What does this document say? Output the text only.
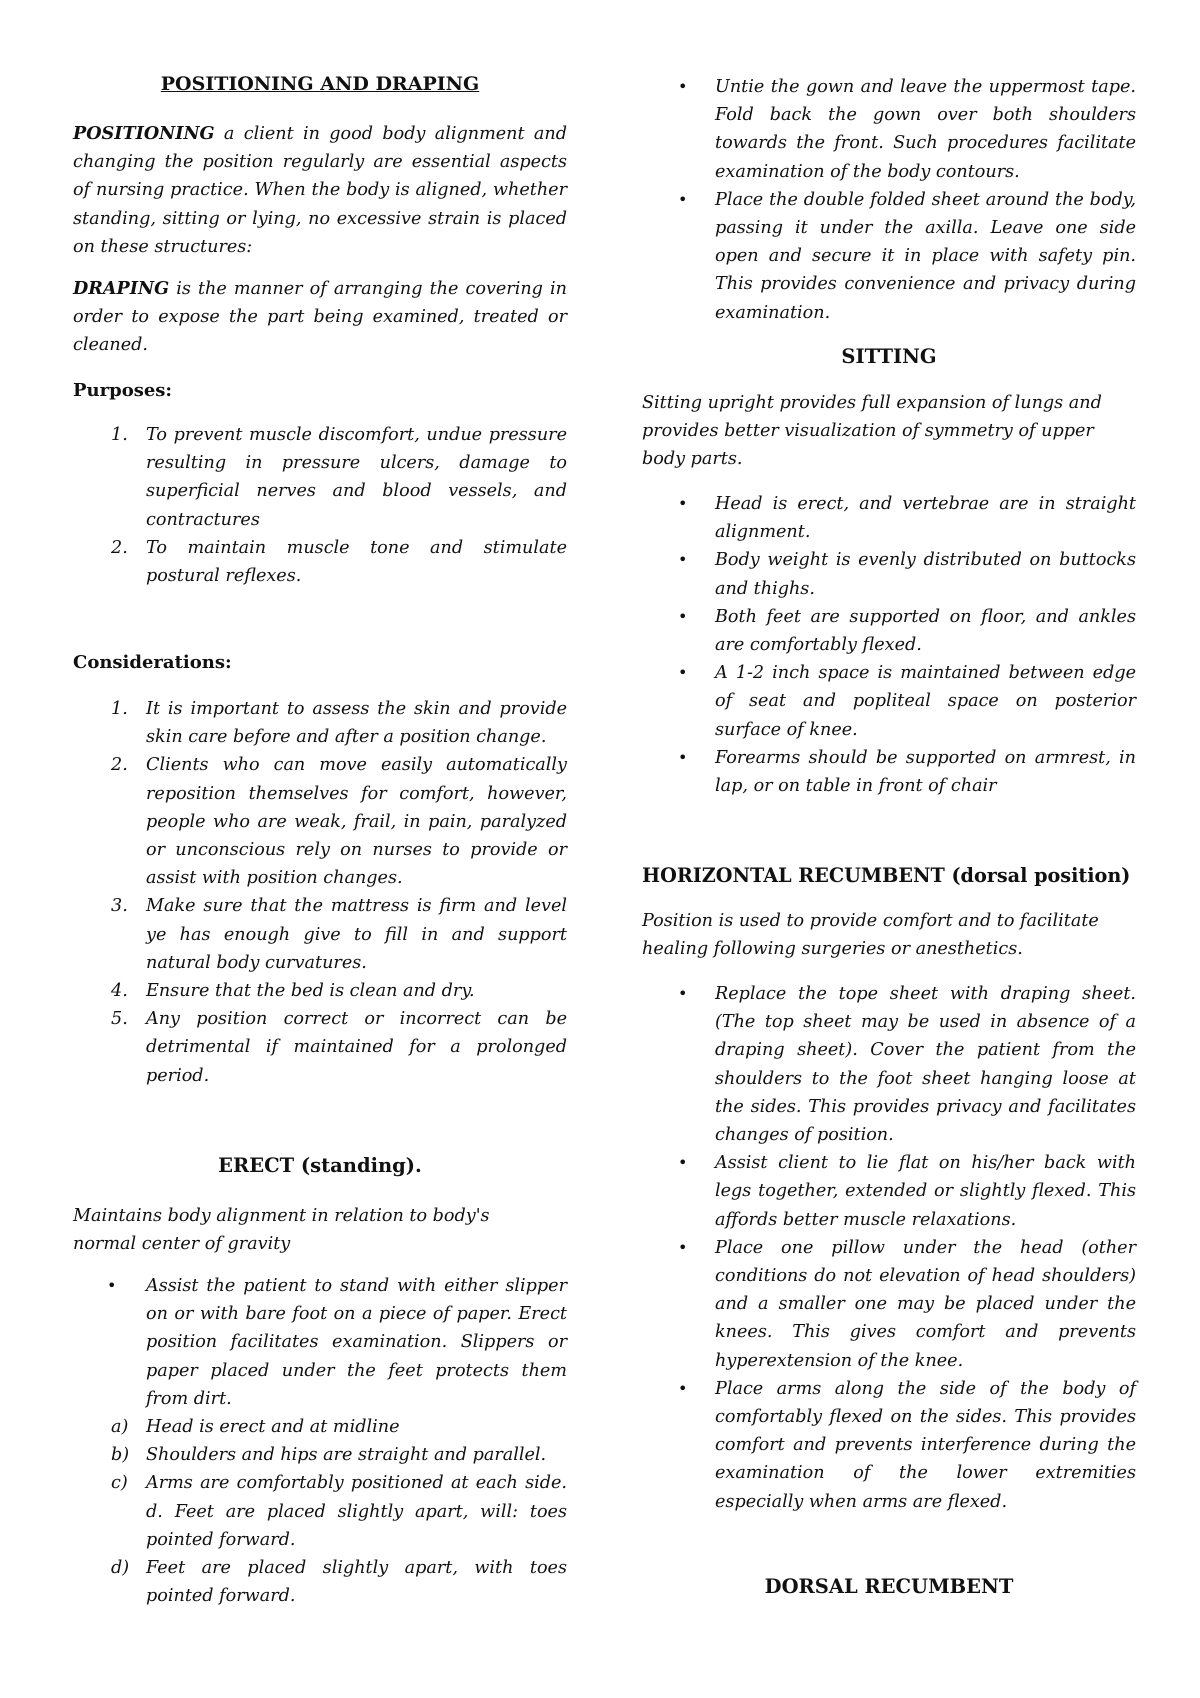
POSITIONING AND DRAPING

POSITIONING a client in good body alignment and changing the position regularly are essential aspects of nursing practice. When the body is aligned, whether standing, sitting or lying, no excessive strain is placed on these structures:

DRAPING is the manner of arranging the covering in order to expose the part being examined, treated or cleaned.

Purposes:
1. To prevent muscle discomfort, undue pressure resulting in pressure ulcers, damage to superficial nerves and blood vessels, and contractures
2. To maintain muscle tone and stimulate postural reflexes.
Considerations:
1. It is important to assess the skin and provide skin care before and after a position change.
2. Clients who can move easily automatically reposition themselves for comfort, however, people who are weak, frail, in pain, paralyzed or unconscious rely on nurses to provide or assist with position changes.
3. Make sure that the mattress is firm and level ye has enough give to fill in and support natural body curvatures.
4. Ensure that the bed is clean and dry.
5. Any position correct or incorrect can be detrimental if maintained for a prolonged period.
ERECT (standing).

Maintains body alignment in relation to body's normal center of gravity

• Assist the patient to stand with either slipper on or with bare foot on a piece of paper. Erect position facilitates examination. Slippers or paper placed under the feet protects them from dirt.
a) Head is erect and at midline
b) Shoulders and hips are straight and parallel.
c) Arms are comfortably positioned at each side. d. Feet are placed slightly apart, will: toes pointed forward.
d) Feet are placed slightly apart, with toes pointed forward.
• Untie the gown and leave the uppermost tape. Fold back the gown over both shoulders towards the front. Such procedures facilitate examination of the body contours.
• Place the double folded sheet around the body, passing it under the axilla. Leave one side open and secure it in place with safety pin. This provides convenience and privacy during examination.
SITTING

Sitting upright provides full expansion of lungs and provides better visualization of symmetry of upper body parts.

• Head is erect, and vertebrae are in straight alignment.
• Body weight is evenly distributed on buttocks and thighs.
• Both feet are supported on floor, and ankles are comfortably flexed.
• A 1-2 inch space is maintained between edge of seat and popliteal space on posterior surface of knee.
• Forearms should be supported on armrest, in lap, or on table in front of chair
HORIZONTAL RECUMBENT (dorsal position)

Position is used to provide comfort and to facilitate healing following surgeries or anesthetics.

• Replace the tope sheet with draping sheet. (The top sheet may be used in absence of a draping sheet). Cover the patient from the shoulders to the foot sheet hanging loose at the sides. This provides privacy and facilitates changes of position.
• Assist client to lie flat on his/her back with legs together, extended or slightly flexed. This affords better muscle relaxations.
• Place one pillow under the head (other conditions do not elevation of head shoulders) and a smaller one may be placed under the knees. This gives comfort and prevents hyperextension of the knee.
• Place arms along the side of the body of comfortably flexed on the sides. This provides comfort and prevents interference during the examination of the lower extremities especially when arms are flexed.
DORSAL RECUMBENT
